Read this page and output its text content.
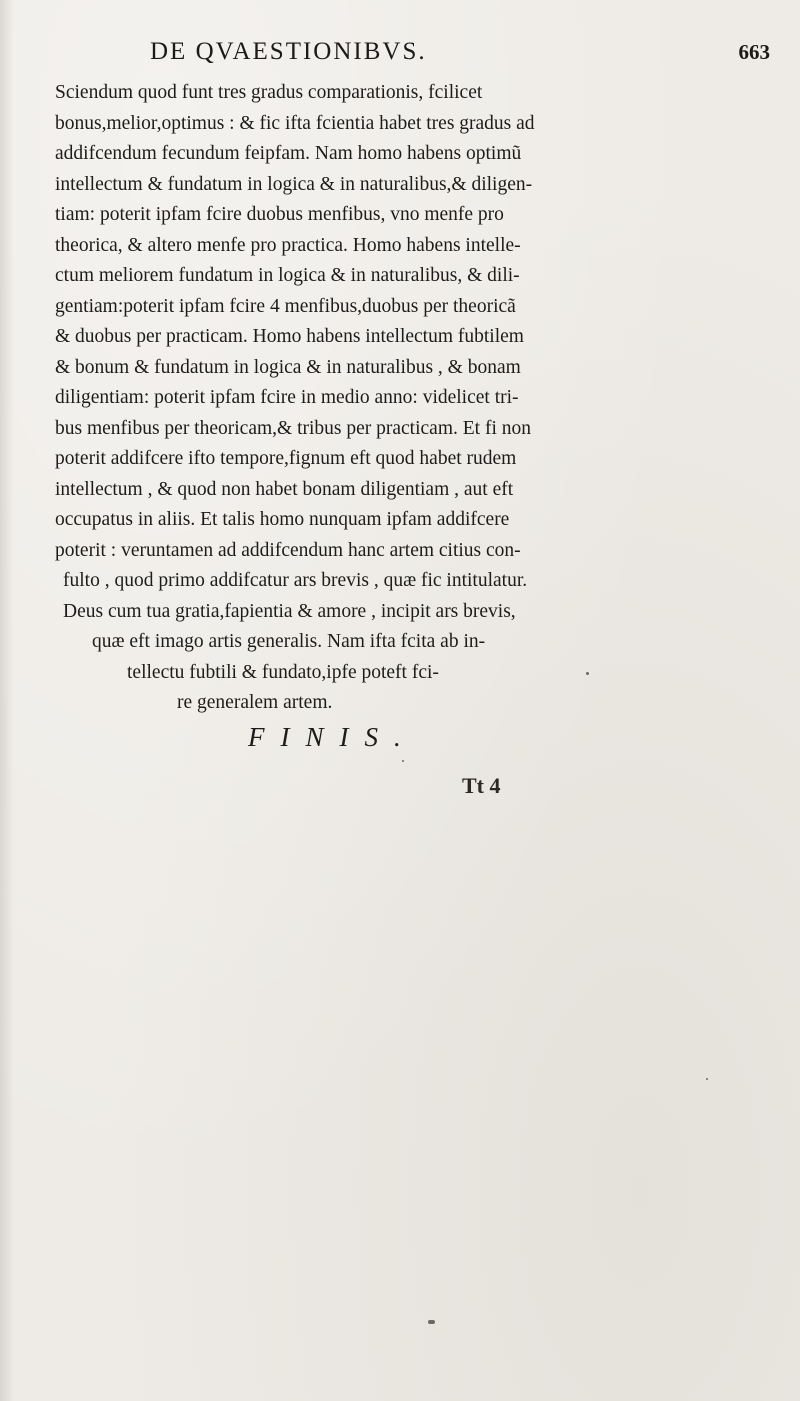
DE QVAESTIONIBVS.	663
Sciendum quod funt tres gradus comparationis, fcilicet
bonus,melior,optimus : & fic ifta fcientia habet tres gradus ad
addifcendum fecundum feipfam. Nam homo habens optimũ
intellectum & fundatum in logica & in naturalibus,& diligen-
tiam: poterit ipfam fcire duobus menfibus, vno menfe pro
theorica, & altero menfe pro practica. Homo habens intelle-
ctum meliorem fundatum in logica & in naturalibus, & dili-
gentiam:poterit ipfam fcire 4 menfibus,duobus per theoricã
& duobus per practicam. Homo habens intellectum fubtilem
& bonum & fundatum in logica & in naturalibus , & bonam
diligentiam: poterit ipfam fcire in medio anno: videlicet tri-
bus menfibus per theoricam,& tribus per practicam. Et fi non
poterit addifcere ifto tempore,fignum eft quod habet rudem
intellectum , & quod non habet bonam diligentiam , aut eft
occupatus in aliis. Et talis homo nunquam ipfam addifcere
poterit : veruntamen ad addifcendum hanc artem citius con-
fulto , quod primo addifcatur ars brevis , quæ fic intitulatur.
Deus cum tua gratia,fapientia & amore , incipit ars brevis,
quæ eft imago artis generalis. Nam ifta fcita ab in-
tellectu fubtili & fundato,ipfe poteft fci-
re generalem artem.
FINIS.
Tt 4
